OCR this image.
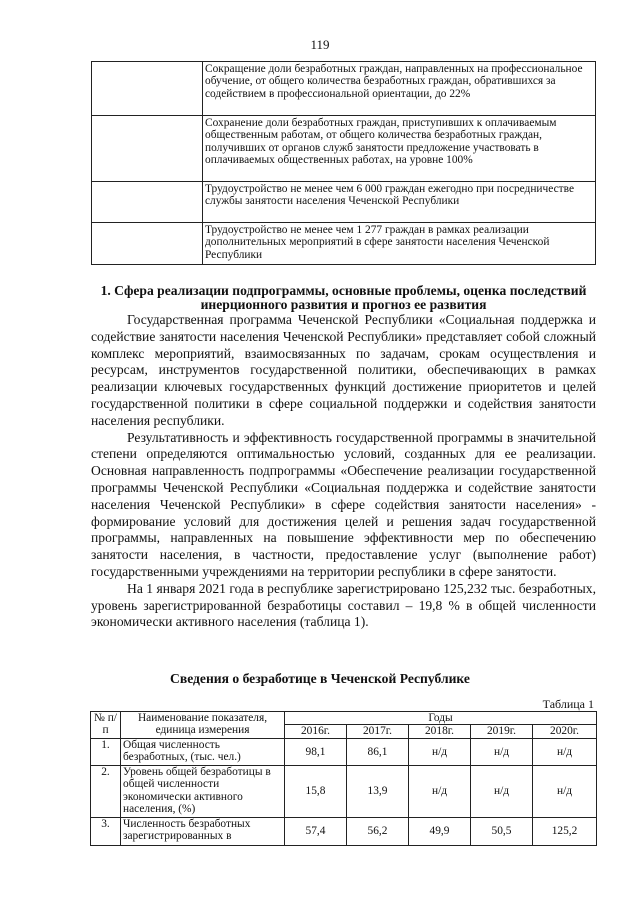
119
	Сокращение доли безработных граждан, направленных на профессиональное обучение, от общего количества безработных граждан, обратившихся за содействием в профессиональной ориентации, до 22%
	Сохранение доли безработных граждан, приступивших к оплачиваемым общественным работам, от общего количества безработных граждан, получивших от органов служб занятости предложение участвовать в оплачиваемых общественных работах, на уровне 100%
	Трудоустройство не менее чем 6 000 граждан ежегодно при посредничестве службы занятости населения Чеченской Республики
	Трудоустройство не менее чем 1 277 граждан в рамках реализации дополнительных мероприятий в сфере занятости населения Чеченской Республики
1. Сфера реализации подпрограммы, основные проблемы, оценка последствий инерционного развития и прогноз ее развития

Государственная программа Чеченской Республики «Социальная поддержка и содействие занятости населения Чеченской Республики» представляет собой сложный комплекс мероприятий, взаимосвязанных по задачам, срокам осуществления и ресурсам, инструментов государственной политики, обеспечивающих в рамках реализации ключевых государственных функций достижение приоритетов и целей государственной политики в сфере социальной поддержки и содействия занятости населения республики.

Результативность и эффективность государственной программы в значительной степени определяются оптимальностью условий, созданных для ее реализации. Основная направленность подпрограммы «Обеспечение реализации государственной программы Чеченской Республики «Социальная поддержка и содействие занятости населения Чеченской Республики» в сфере содействия занятости населения» - формирование условий для достижения целей и решения задач государственной программы, направленных на повышение эффективности мер по обеспечению занятости населения, в частности, предоставление услуг (выполнение работ) государственными учреждениями на территории республики в сфере занятости.

На 1 января 2021 года в республике зарегистрировано 125,232 тыс. безработных, уровень зарегистрированной безработицы составил – 19,8 % в общей численности экономически активного населения (таблица 1).

Сведения о безработице в Чеченской Республике
Таблица 1
№ п/п	Наименование показателя, единица измерения	Годы				
		2016г.	2017г.	2018г.	2019г.	2020г.
1.	Общая численность безработных, (тыс. чел.)	98,1	86,1	н/д	н/д	н/д
2.	Уровень общей безработицы в общей численности экономически активного населения, (%)	15,8	13,9	н/д	н/д	н/д
3.	Численность безработных зарегистрированных в	57,4	56,2	49,9	50,5	125,2
